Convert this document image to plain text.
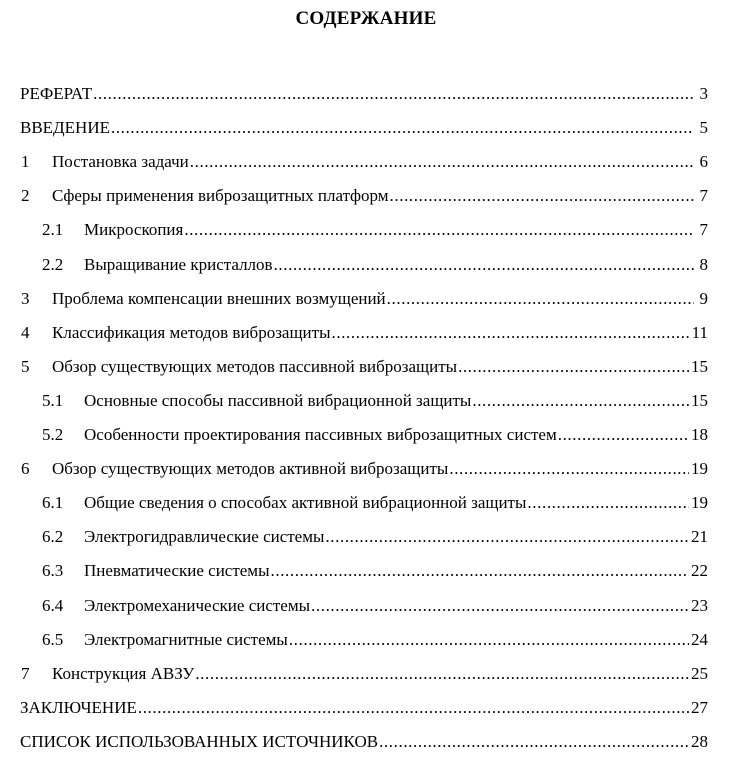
СОДЕРЖАНИЕ
РЕФЕРАТ .....	3
ВВЕДЕНИЕ .....	5
1 Постановка задачи .....	6
2 Сферы применения виброзащитных платформ .....	7
2.1 Микроскопия .....	7
2.2 Выращивание кристаллов .....	8
3 Проблема компенсации внешних возмущений .....	9
4 Классификация методов виброзащиты .....	11
5 Обзор существующих методов пассивной виброзащиты .....	15
5.1 Основные способы пассивной вибрационной защиты .....	15
5.2 Особенности проектирования пассивных виброзащитных систем .....	18
6 Обзор существующих методов активной виброзащиты .....	19
6.1 Общие сведения о способах активной вибрационной защиты .....	19
6.2 Электрогидравлические системы .....	21
6.3 Пневматические системы .....	22
6.4 Электромеханические системы .....	23
6.5 Электромагнитные системы .....	24
7 Конструкция АВЗУ .....	25
ЗАКЛЮЧЕНИЕ .....	27
СПИСОК ИСПОЛЬЗОВАННЫХ ИСТОЧНИКОВ .....	28
